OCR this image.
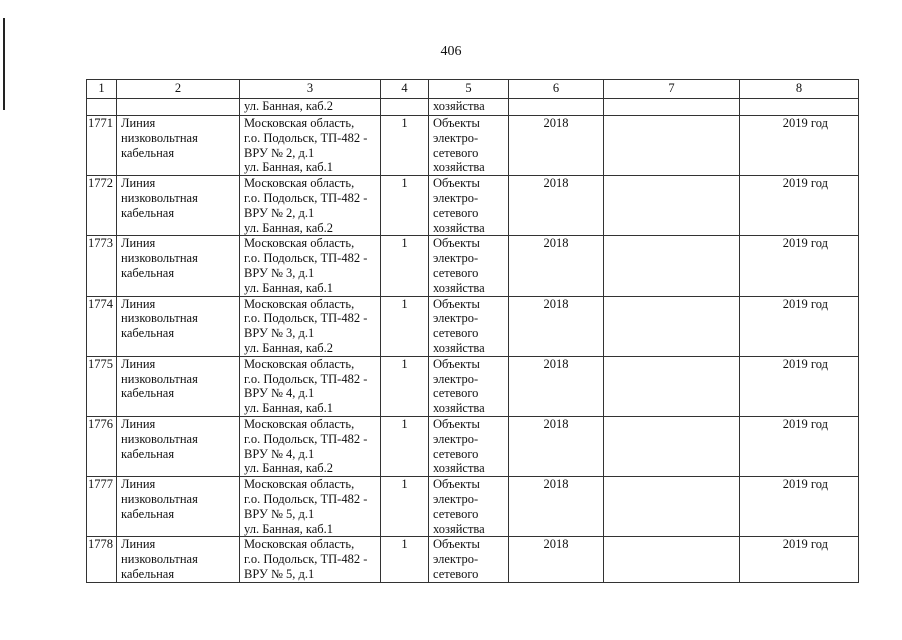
406
1	2	3	4	5	6	7	8
		ул. Банная, каб.2		хозяйства			
1771	Линия
низковольтная
кабельная	Московская область,
г.о. Подольск, ТП-482 -
ВРУ № 2, д.1
ул. Банная, каб.1	1	Объекты
электро-
сетевого
хозяйства	2018		2019 год
1772	Линия
низковольтная
кабельная	Московская область,
г.о. Подольск, ТП-482 -
ВРУ № 2, д.1
ул. Банная, каб.2	1	Объекты
электро-
сетевого
хозяйства	2018		2019 год
1773	Линия
низковольтная
кабельная	Московская область,
г.о. Подольск, ТП-482 -
ВРУ № 3, д.1
ул. Банная, каб.1	1	Объекты
электро-
сетевого
хозяйства	2018		2019 год
1774	Линия
низковольтная
кабельная	Московская область,
г.о. Подольск, ТП-482 -
ВРУ № 3, д.1
ул. Банная, каб.2	1	Объекты
электро-
сетевого
хозяйства	2018		2019 год
1775	Линия
низковольтная
кабельная	Московская область,
г.о. Подольск, ТП-482 -
ВРУ № 4, д.1
ул. Банная, каб.1	1	Объекты
электро-
сетевого
хозяйства	2018		2019 год
1776	Линия
низковольтная
кабельная	Московская область,
г.о. Подольск, ТП-482 -
ВРУ № 4, д.1
ул. Банная, каб.2	1	Объекты
электро-
сетевого
хозяйства	2018		2019 год
1777	Линия
низковольтная
кабельная	Московская область,
г.о. Подольск, ТП-482 -
ВРУ № 5, д.1
ул. Банная, каб.1	1	Объекты
электро-
сетевого
хозяйства	2018		2019 год
1778	Линия
низковольтная
кабельная	Московская область,
г.о. Подольск, ТП-482 -
ВРУ № 5, д.1	1	Объекты
электро-
сетевого	2018		2019 год
